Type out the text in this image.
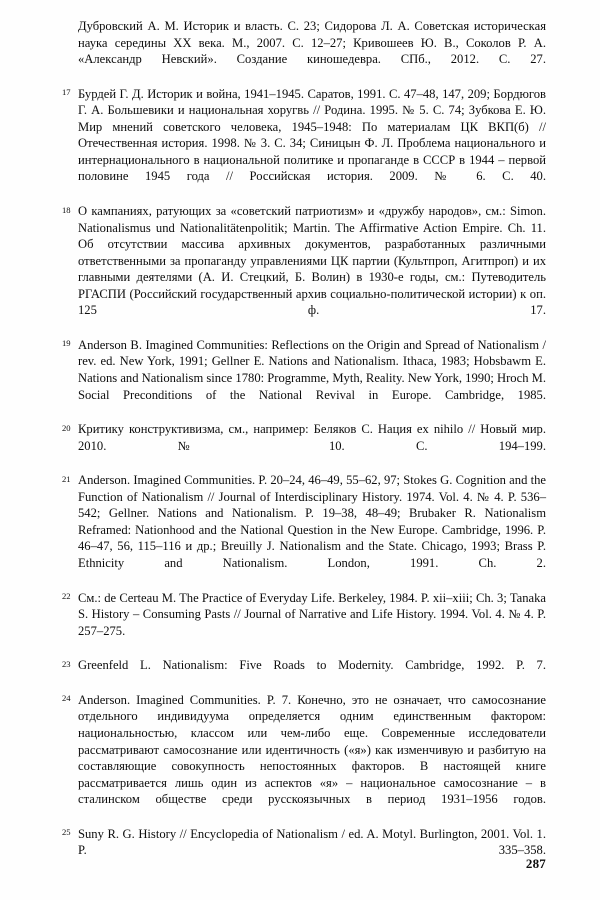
Дубровский А. М. Историк и власть. С. 23; Сидорова Л. А. Советская историческая наука середины XX века. М., 2007. С. 12–27; Кривошеев Ю. В., Соколов Р. А. «Александр Невский». Создание киношедевра. СПб., 2012. С. 27.
17 Бурдей Г. Д. Историк и война, 1941–1945. Саратов, 1991. С. 47–48, 147, 209; Бордюгов Г. А. Большевики и национальная хоругвь // Родина. 1995. № 5. С. 74; Зубкова Е. Ю. Мир мнений советского человека, 1945–1948: По материалам ЦК ВКП(б) // Отечественная история. 1998. № 3. С. 34; Синицын Ф. Л. Проблема национального и интернационального в национальной политике и пропаганде в СССР в 1944 – первой половине 1945 года // Российская история. 2009. № 6. С. 40.
18 О кампаниях, ратующих за «советский патриотизм» и «дружбу народов», см.: Simon. Nationalismus und Nationalitätenpolitik; Martin. The Affirmative Action Empire. Ch. 11. Об отсутствии массива архивных документов, разработанных различными ответственными за пропаганду управлениями ЦК партии (Культпроп, Агитпроп) и их главными деятелями (А. И. Стецкий, Б. Волин) в 1930-е годы, см.: Путеводитель РГАСПИ (Российский государственный архив социально-политической истории) к оп. 125 ф. 17.
19 Anderson B. Imagined Communities: Reflections on the Origin and Spread of Nationalism / rev. ed. New York, 1991; Gellner E. Nations and Nationalism. Ithaca, 1983; Hobsbawm E. Nations and Nationalism since 1780: Programme, Myth, Reality. New York, 1990; Hroch M. Social Preconditions of the National Revival in Europe. Cambridge, 1985.
20 Критику конструктивизма, см., например: Беляков С. Нация ex nihilo // Новый мир. 2010. № 10. С. 194–199.
21 Anderson. Imagined Communities. P. 20–24, 46–49, 55–62, 97; Stokes G. Cognition and the Function of Nationalism // Journal of Interdisciplinary History. 1974. Vol. 4. № 4. P. 536–542; Gellner. Nations and Nationalism. P. 19–38, 48–49; Brubaker R. Nationalism Reframed: Nationhood and the National Question in the New Europe. Cambridge, 1996. P. 46–47, 56, 115–116 и др.; Breuilly J. Nationalism and the State. Chicago, 1993; Brass P. Ethnicity and Nationalism. London, 1991. Ch. 2.
22 См.: de Certeau M. The Practice of Everyday Life. Berkeley, 1984. P. xii–xiii; Ch. 3; Tanaka S. History – Consuming Pasts // Journal of Narrative and Life History. 1994. Vol. 4. № 4. P. 257–275.
23 Greenfeld L. Nationalism: Five Roads to Modernity. Cambridge, 1992. P. 7.
24 Anderson. Imagined Communities. P. 7. Конечно, это не означает, что самосознание отдельного индивидуума определяется одним единственным фактором: национальностью, классом или чем-либо еще. Современные исследователи рассматривают самосознание или идентичность («я») как изменчивую и разбитую на составляющие совокупность непостоянных факторов. В настоящей книге рассматривается лишь один из аспектов «я» – национальное самосознание – в сталинском обществе среди русскоязычных в период 1931–1956 годов.
25 Suny R. G. History // Encyclopedia of Nationalism / ed. A. Motyl. Burlington, 2001. Vol. 1. P. 335–358.
287
